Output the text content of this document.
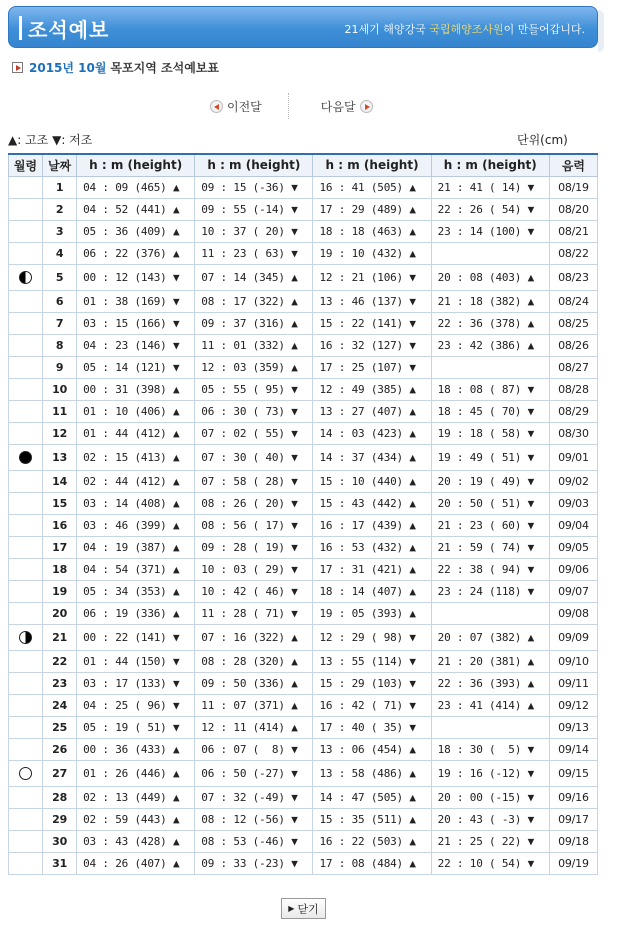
조석예보	21세기 해양강국 국립해양조사원이 만들어갑니다.
2015년 10월 목포지역 조석예보표
이전달	다음달
▲: 고조 ▼: 저조	단위(cm)
월령	날짜	h : m (height)	h : m (height)	h : m (height)	h : m (height)	음력
	1	04 : 09 (465) ▲	09 : 15 (-36) ▼	16 : 41 (505) ▲	21 : 41 ( 14) ▼	08/19
	2	04 : 52 (441) ▲	09 : 55 (-14) ▼	17 : 29 (489) ▲	22 : 26 ( 54) ▼	08/20
	3	05 : 36 (409) ▲	10 : 37 ( 20) ▼	18 : 18 (463) ▲	23 : 14 (100) ▼	08/21
	4	06 : 22 (376) ▲	11 : 23 ( 63) ▼	19 : 10 (432) ▲		08/22
	5	00 : 12 (143) ▼	07 : 14 (345) ▲	12 : 21 (106) ▼	20 : 08 (403) ▲	08/23
	6	01 : 38 (169) ▼	08 : 17 (322) ▲	13 : 46 (137) ▼	21 : 18 (382) ▲	08/24
	7	03 : 15 (166) ▼	09 : 37 (316) ▲	15 : 22 (141) ▼	22 : 36 (378) ▲	08/25
	8	04 : 23 (146) ▼	11 : 01 (332) ▲	16 : 32 (127) ▼	23 : 42 (386) ▲	08/26
	9	05 : 14 (121) ▼	12 : 03 (359) ▲	17 : 25 (107) ▼		08/27
	10	00 : 31 (398) ▲	05 : 55 ( 95) ▼	12 : 49 (385) ▲	18 : 08 ( 87) ▼	08/28
	11	01 : 10 (406) ▲	06 : 30 ( 73) ▼	13 : 27 (407) ▲	18 : 45 ( 70) ▼	08/29
	12	01 : 44 (412) ▲	07 : 02 ( 55) ▼	14 : 03 (423) ▲	19 : 18 ( 58) ▼	08/30
	13	02 : 15 (413) ▲	07 : 30 ( 40) ▼	14 : 37 (434) ▲	19 : 49 ( 51) ▼	09/01
	14	02 : 44 (412) ▲	07 : 58 ( 28) ▼	15 : 10 (440) ▲	20 : 19 ( 49) ▼	09/02
	15	03 : 14 (408) ▲	08 : 26 ( 20) ▼	15 : 43 (442) ▲	20 : 50 ( 51) ▼	09/03
	16	03 : 46 (399) ▲	08 : 56 ( 17) ▼	16 : 17 (439) ▲	21 : 23 ( 60) ▼	09/04
	17	04 : 19 (387) ▲	09 : 28 ( 19) ▼	16 : 53 (432) ▲	21 : 59 ( 74) ▼	09/05
	18	04 : 54 (371) ▲	10 : 03 ( 29) ▼	17 : 31 (421) ▲	22 : 38 ( 94) ▼	09/06
	19	05 : 34 (353) ▲	10 : 42 ( 46) ▼	18 : 14 (407) ▲	23 : 24 (118) ▼	09/07
	20	06 : 19 (336) ▲	11 : 28 ( 71) ▼	19 : 05 (393) ▲		09/08
	21	00 : 22 (141) ▼	07 : 16 (322) ▲	12 : 29 ( 98) ▼	20 : 07 (382) ▲	09/09
	22	01 : 44 (150) ▼	08 : 28 (320) ▲	13 : 55 (114) ▼	21 : 20 (381) ▲	09/10
	23	03 : 17 (133) ▼	09 : 50 (336) ▲	15 : 29 (103) ▼	22 : 36 (393) ▲	09/11
	24	04 : 25 ( 96) ▼	11 : 07 (371) ▲	16 : 42 ( 71) ▼	23 : 41 (414) ▲	09/12
	25	05 : 19 ( 51) ▼	12 : 11 (414) ▲	17 : 40 ( 35) ▼		09/13
	26	00 : 36 (433) ▲	06 : 07 (  8) ▼	13 : 06 (454) ▲	18 : 30 (  5) ▼	09/14
	27	01 : 26 (446) ▲	06 : 50 (-27) ▼	13 : 58 (486) ▲	19 : 16 (-12) ▼	09/15
	28	02 : 13 (449) ▲	07 : 32 (-49) ▼	14 : 47 (505) ▲	20 : 00 (-15) ▼	09/16
	29	02 : 59 (443) ▲	08 : 12 (-56) ▼	15 : 35 (511) ▲	20 : 43 ( -3) ▼	09/17
	30	03 : 43 (428) ▲	08 : 53 (-46) ▼	16 : 22 (503) ▲	21 : 25 ( 22) ▼	09/18
	31	04 : 26 (407) ▲	09 : 33 (-23) ▼	17 : 08 (484) ▲	22 : 10 ( 54) ▼	09/19
▶ 닫기
